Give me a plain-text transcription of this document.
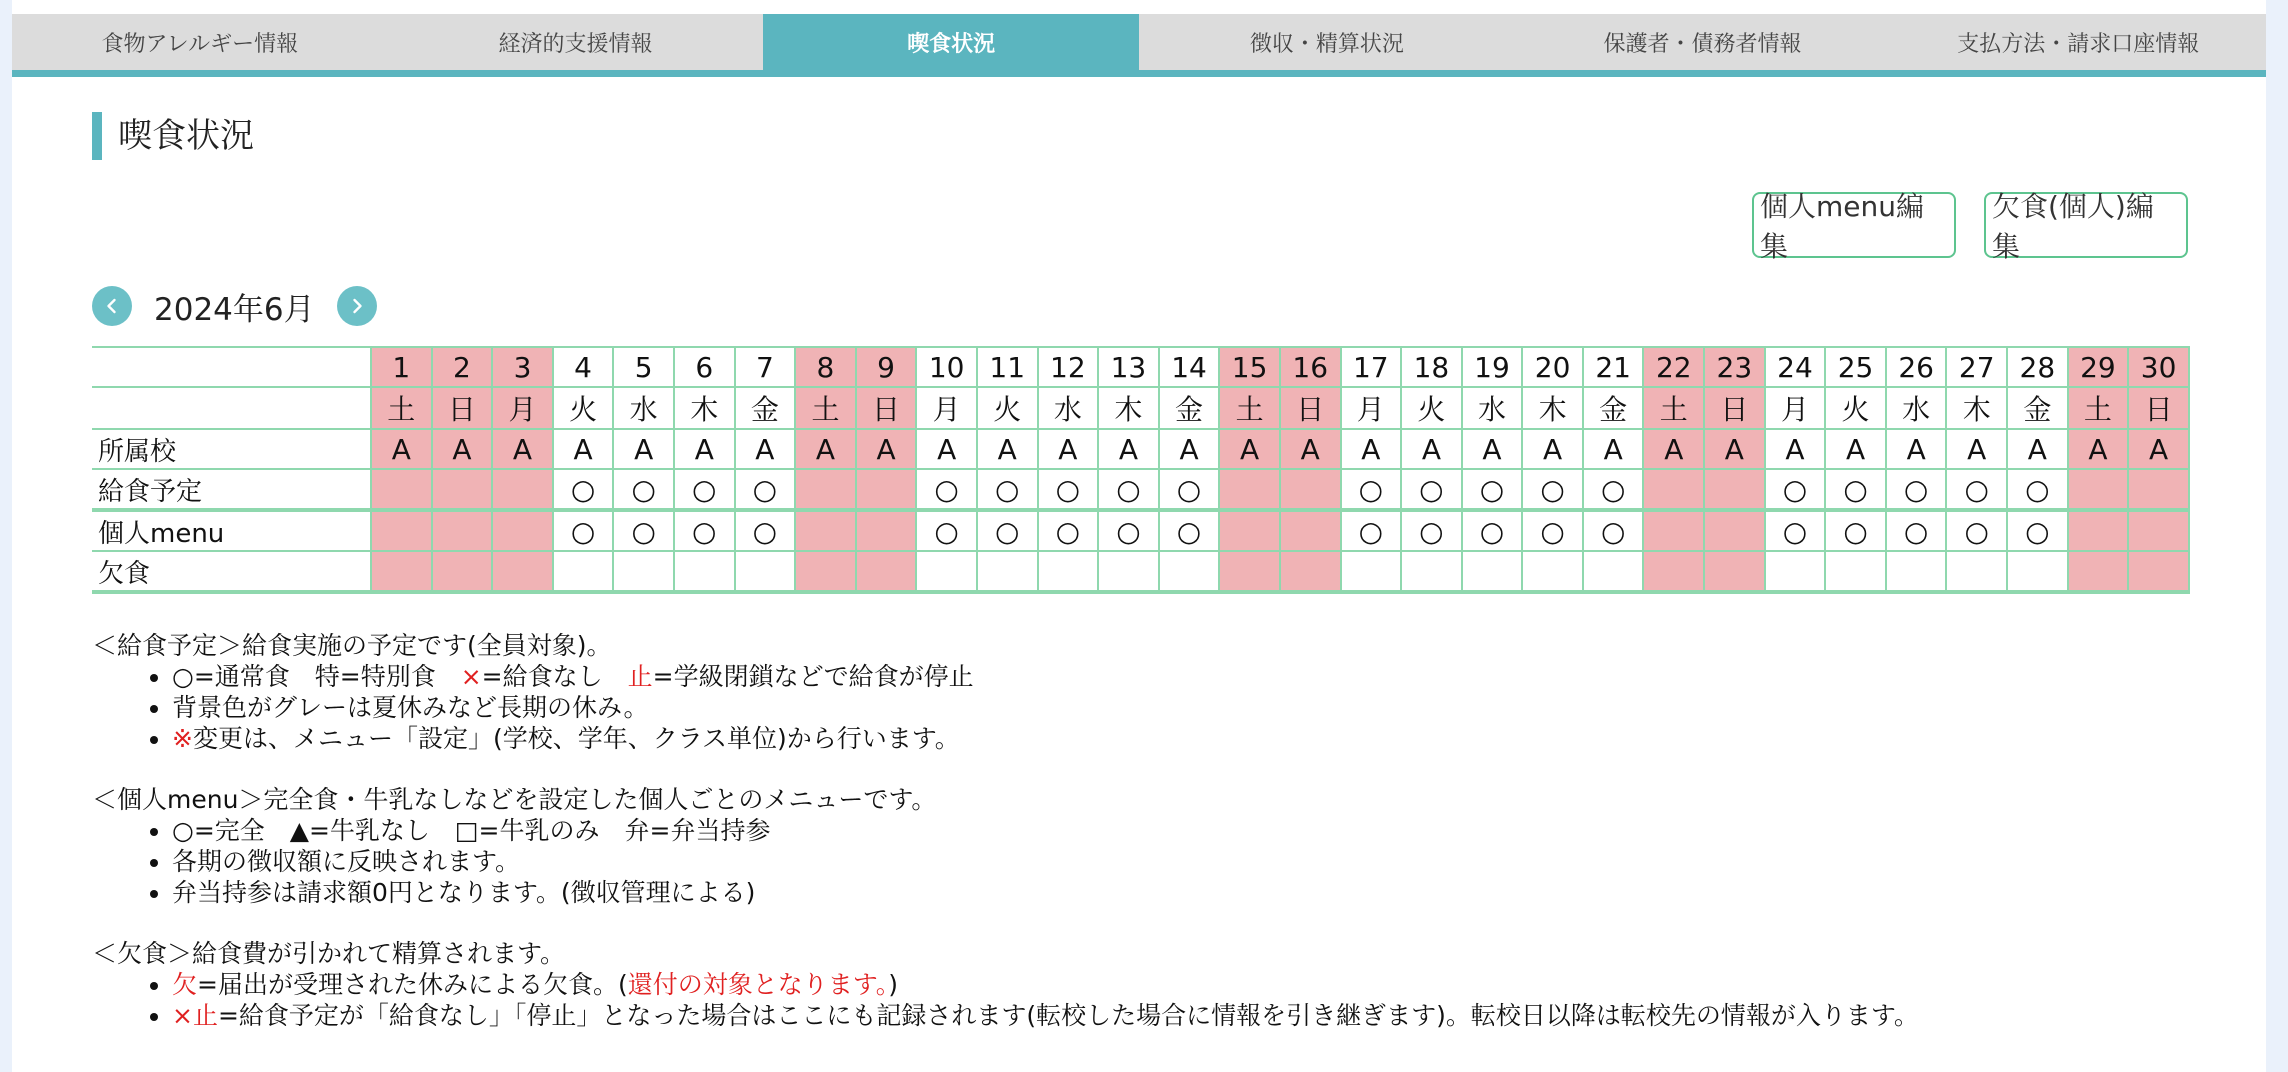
食物アレルギー情報	経済的支援情報	喫食状況	徴収・精算状況	保護者・債務者情報	支払方法・請求口座情報
喫食状況
個人menu編集
欠食(個人)編集
2024年6月
	1	2	3	4	5	6	7	8	9	10	11	12	13	14	15	16	17	18	19	20	21	22	23	24	25	26	27	28	29	30
	土	日	月	火	水	木	金	土	日	月	火	水	木	金	土	日	月	火	水	木	金	土	日	月	火	水	木	金	土	日
所属校	A	A	A	A	A	A	A	A	A	A	A	A	A	A	A	A	A	A	A	A	A	A	A	A	A	A	A	A	A	A
給食予定				○	○	○	○			○	○	○	○	○			○	○	○	○	○			○	○	○	○	○		
個人menu				○	○	○	○			○	○	○	○	○			○	○	○	○	○			○	○	○	○	○		
欠食																														

＜給食予定＞給食実施の予定です(全員対象)。

• ○=通常食　特=特別食　×=給食なし　止=学級閉鎖などで給食が停止
• 背景色がグレーは夏休みなど長期の休み。
• ※変更は、メニュー「設定」(学校、学年、クラス単位)から行います。

＜個人menu＞完全食・牛乳なしなどを設定した個人ごとのメニューです。

• ○=完全　▲=牛乳なし　□=牛乳のみ　弁=弁当持参
• 各期の徴収額に反映されます。
• 弁当持参は請求額0円となります。(徴収管理による)

＜欠食＞給食費が引かれて精算されます。

• 欠=届出が受理された休みによる欠食。(還付の対象となります。)
• ×止=給食予定が「給食なし」「停止」となった場合はここにも記録されます(転校した場合に情報を引き継ぎます)。転校日以降は転校先の情報が入ります。
